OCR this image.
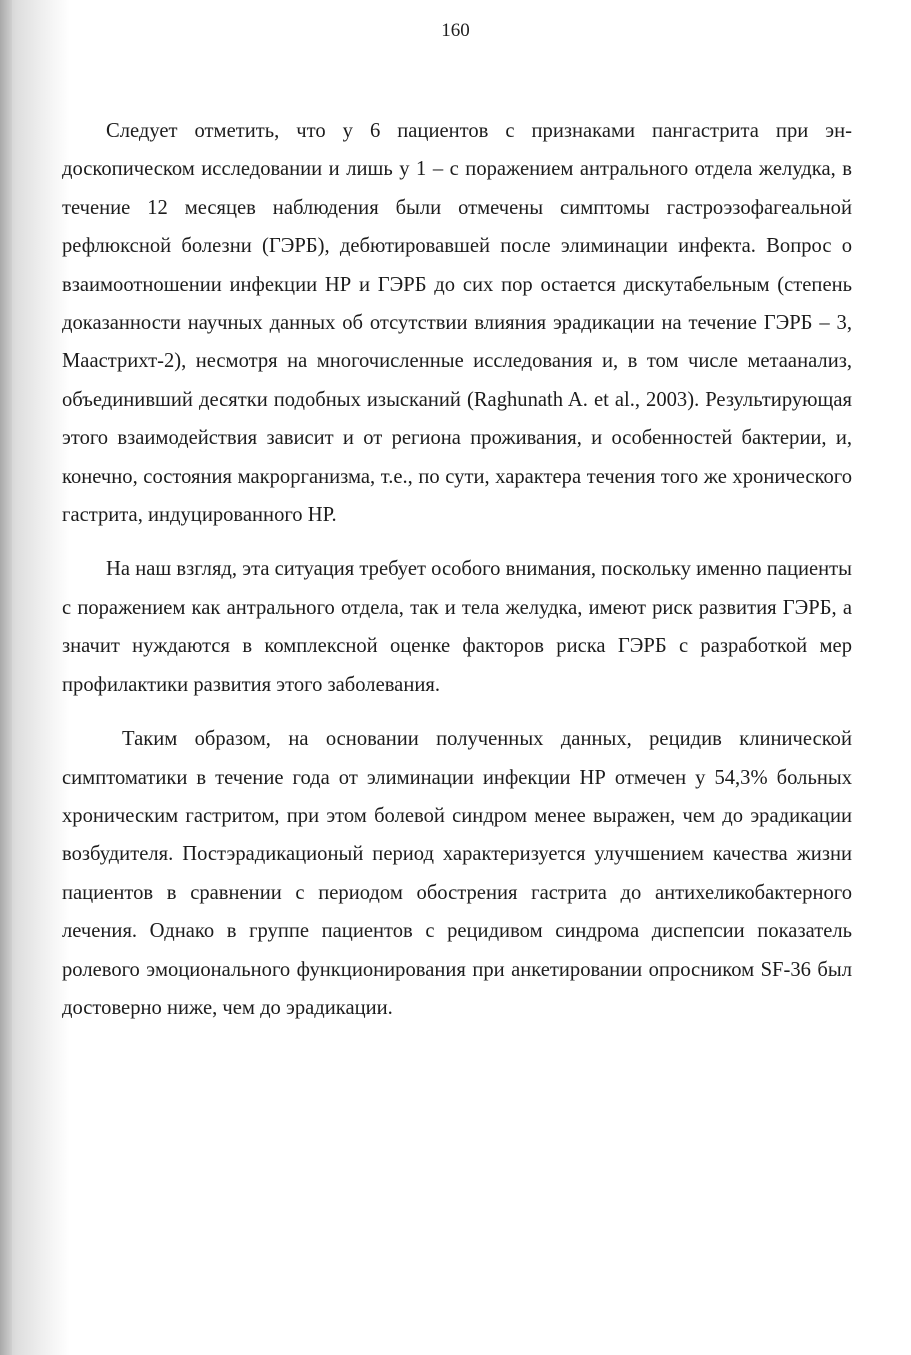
160

Следует отметить, что у 6 пациентов с признаками пангастрита при эндоскопическом исследовании и лишь у 1 – с поражением антрального отдела желудка, в течение 12 месяцев наблюдения были отмечены симптомы гастроэзофагеальной рефлюксной болезни (ГЭРБ), дебютировавшей после элиминации инфекта. Вопрос о взаимоотношении инфекции НР и ГЭРБ до сих пор остается дискутабельным (степень доказанности научных данных об отсутствии влияния эрадикации на течение ГЭРБ – 3, Маастрихт-2), несмотря на многочисленные исследования и, в том числе метаанализ, объединивший десятки подобных изысканий (Raghunath A. et al., 2003). Результирующая этого взаимодействия зависит и от региона проживания, и особенностей бактерии, и, конечно, состояния макрорганизма, т.е., по сути, характера течения того же хронического гастрита, индуцированного НР.

На наш взгляд, эта ситуация требует особого внимания, поскольку именно пациенты с поражением как антрального отдела, так и тела желудка, имеют риск развития ГЭРБ, а значит нуждаются в комплексной оценке факторов риска ГЭРБ с разработкой мер профилактики развития этого заболевания.

Таким образом, на основании полученных данных, рецидив клинической симптоматики в течение года от элиминации инфекции НР отмечен у 54,3% больных хроническим гастритом, при этом болевой синдром менее выражен, чем до эрадикации возбудителя. Постэрадикационый период характеризуется улучшением качества жизни пациентов в сравнении с периодом обострения гастрита до антихеликобактерного лечения. Однако в группе пациентов с рецидивом синдрома диспепсии показатель ролевого эмоционального функционирования при анкетировании опросником SF-36 был достоверно ниже, чем до эрадикации.
